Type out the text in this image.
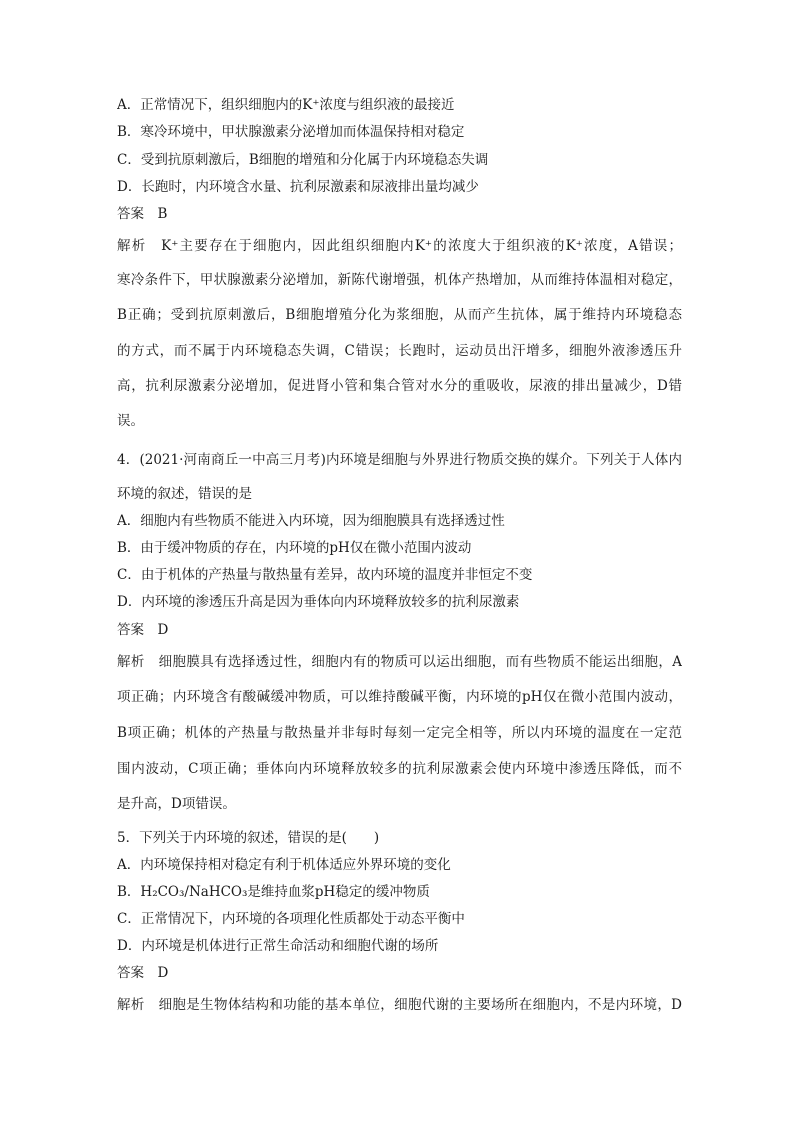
A．正常情况下，组织细胞内的K⁺浓度与组织液的最接近
B．寒冷环境中，甲状腺激素分泌增加而体温保持相对稳定
C．受到抗原刺激后，B细胞的增殖和分化属于内环境稳态失调
D．长跑时，内环境含水量、抗利尿激素和尿液排出量均减少
答案　B
解析　K⁺主要存在于细胞内，因此组织细胞内K⁺的浓度大于组织液的K⁺浓度，A错误；
寒冷条件下，甲状腺激素分泌增加，新陈代谢增强，机体产热增加，从而维持体温相对稳定，
B正确；受到抗原刺激后，B细胞增殖分化为浆细胞，从而产生抗体，属于维持内环境稳态
的方式，而不属于内环境稳态失调，C错误；长跑时，运动员出汗增多，细胞外液渗透压升
高，抗利尿激素分泌增加，促进肾小管和集合管对水分的重吸收，尿液的排出量减少，D错
误。
4．(2021·河南商丘一中高三月考)内环境是细胞与外界进行物质交换的媒介。下列关于人体内
环境的叙述，错误的是
A．细胞内有些物质不能进入内环境，因为细胞膜具有选择透过性
B．由于缓冲物质的存在，内环境的pH仅在微小范围内波动
C．由于机体的产热量与散热量有差异，故内环境的温度并非恒定不变
D．内环境的渗透压升高是因为垂体向内环境释放较多的抗利尿激素
答案　D
解析　细胞膜具有选择透过性，细胞内有的物质可以运出细胞，而有些物质不能运出细胞，A
项正确；内环境含有酸碱缓冲物质，可以维持酸碱平衡，内环境的pH仅在微小范围内波动，
B项正确；机体的产热量与散热量并非每时每刻一定完全相等，所以内环境的温度在一定范
围内波动，C项正确；垂体向内环境释放较多的抗利尿激素会使内环境中渗透压降低，而不
是升高，D项错误。
5．下列关于内环境的叙述，错误的是(　　)
A．内环境保持相对稳定有利于机体适应外界环境的变化
B．H₂CO₃/NaHCO₃是维持血浆pH稳定的缓冲物质
C．正常情况下，内环境的各项理化性质都处于动态平衡中
D．内环境是机体进行正常生命活动和细胞代谢的场所
答案　D
解析　细胞是生物体结构和功能的基本单位，细胞代谢的主要场所在细胞内，不是内环境，D
